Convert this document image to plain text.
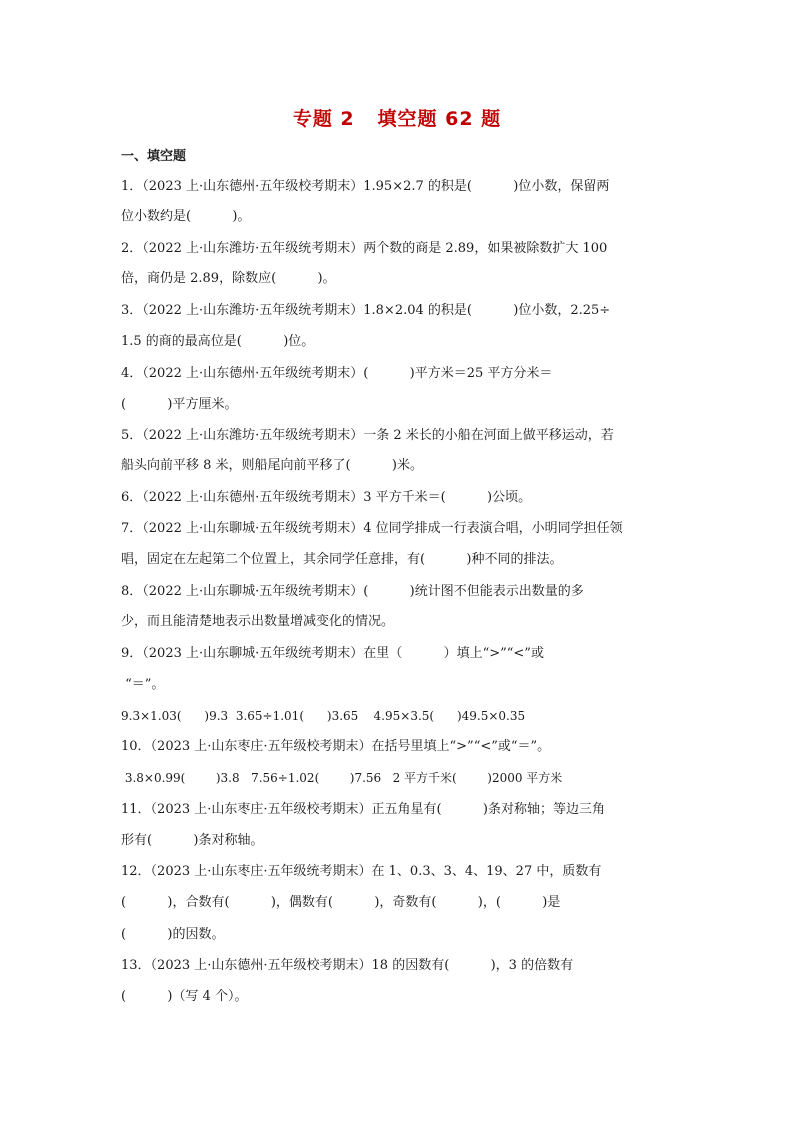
专题 2   填空题 62 题
一、填空题
1．（2023 上·山东德州·五年级校考期末）1.95×2.7 的积是(          )位小数，保留两
位小数约是(          )。
2．（2022 上·山东潍坊·五年级统考期末）两个数的商是 2.89，如果被除数扩大 100
倍，商仍是 2.89，除数应(          )。
3．（2022 上·山东潍坊·五年级统考期末）1.8×2.04 的积是(          )位小数，2.25÷
1.5 的商的最高位是(          )位。
4．（2022 上·山东德州·五年级统考期末）(          )平方米＝25 平方分米＝
(          )平方厘米。
5．（2022 上·山东潍坊·五年级统考期末）一条 2 米长的小船在河面上做平移运动，若
船头向前平移 8 米，则船尾向前平移了(          )米。
6．（2022 上·山东德州·五年级统考期末）3 平方千米＝(          )公顷。
7．（2022 上·山东聊城·五年级统考期末）4 位同学排成一行表演合唱，小明同学担任领
唱，固定在左起第二个位置上，其余同学任意排，有(          )种不同的排法。
8．（2022 上·山东聊城·五年级统考期末）(          )统计图不但能表示出数量的多
少，而且能清楚地表示出数量增减变化的情况。
9．（2023 上·山东聊城·五年级统考期末）在里（          ）填上“>”“<”或
“＝”。
9.3×1.03(      )9.3  3.65÷1.01(      )3.65    4.95×3.5(      )49.5×0.35
10．（2023 上·山东枣庄·五年级校考期末）在括号里填上“>”“<”或“＝”。
3.8×0.99(        )3.8   7.56÷1.02(        )7.56   2 平方千米(        )2000 平方米
11．（2023 上·山东枣庄·五年级校考期末）正五角星有(          )条对称轴；等边三角
形有(          )条对称轴。
12．（2023 上·山东枣庄·五年级统考期末）在 1、0.3、3、4、19、27 中，质数有
(          )，合数有(          )，偶数有(          )，奇数有(          )，(          )是
(          )的因数。
13．（2023 上·山东德州·五年级校考期末）18 的因数有(          )，3 的倍数有
(          )（写 4 个）。
